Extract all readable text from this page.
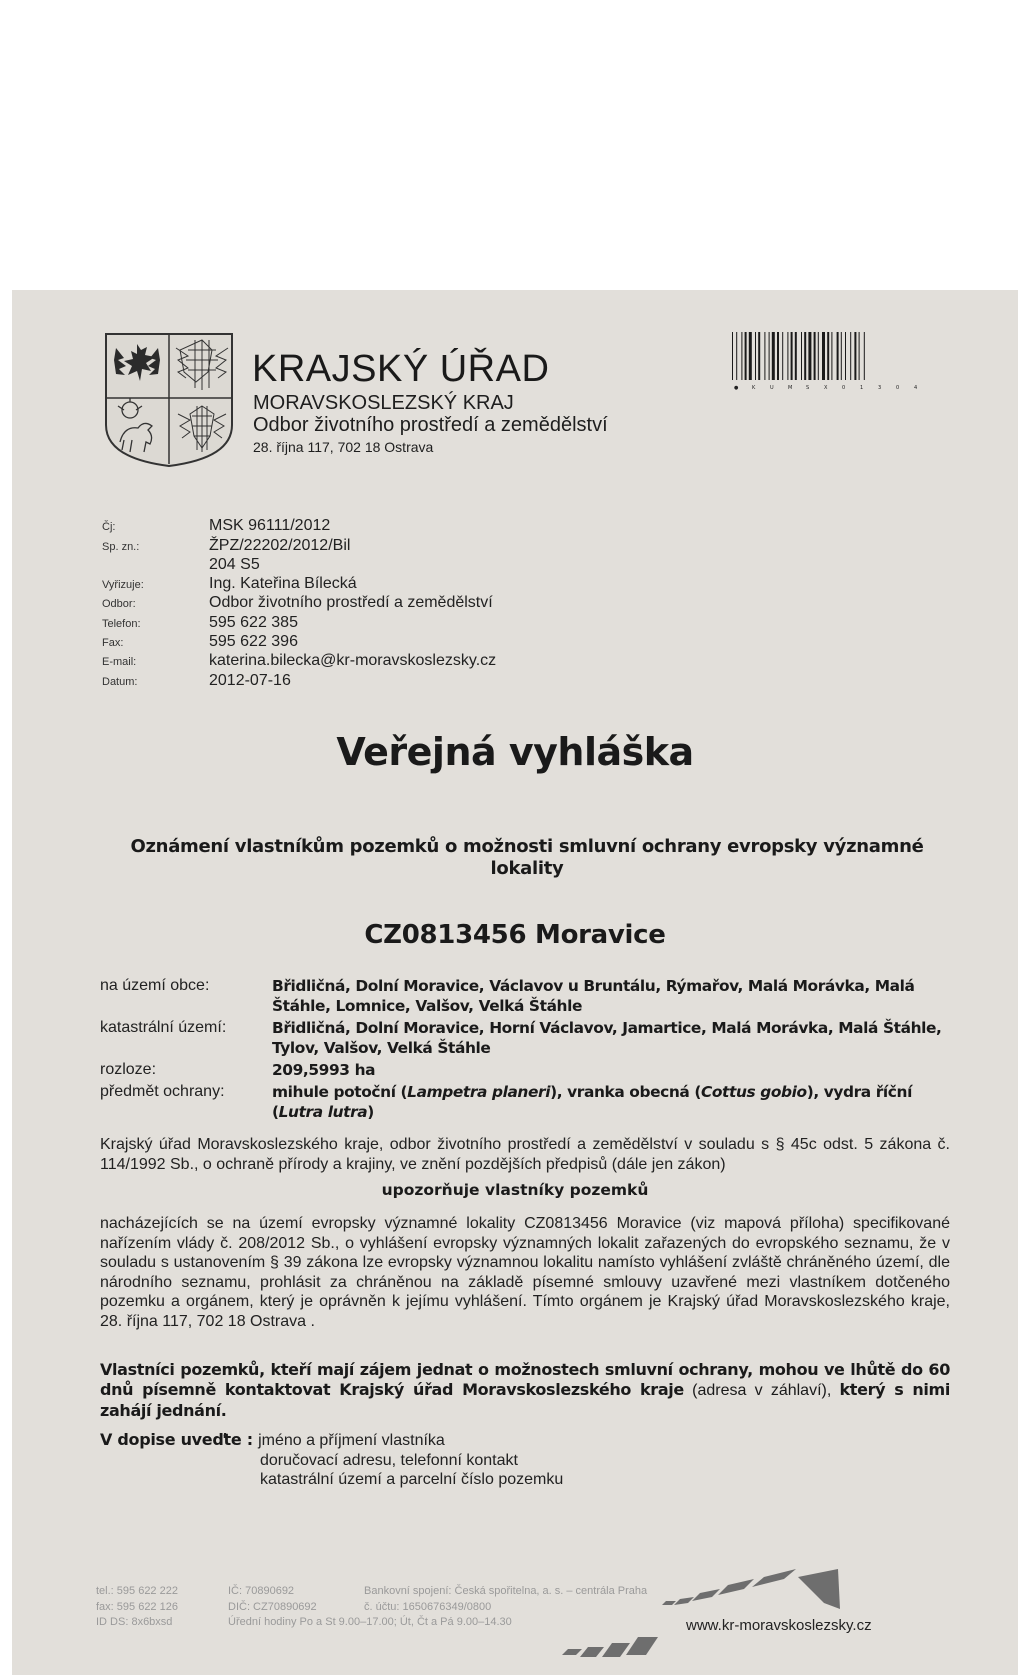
KRAJSKÝ ÚŘAD
MORAVSKOSLEZSKÝ KRAJ
Odbor životního prostředí a zemědělství
28. října 117, 702 18 Ostrava
●	K	U	M	S	X	0	1	3	0	4
Čj:	MSK 96111/2012
Sp. zn.:	ŽPZ/22202/2012/Bil
204 S5
Vyřizuje:	Ing. Kateřina Bílecká
Odbor:	Odbor životního prostředí a zemědělství
Telefon:	595 622 385
Fax:	595 622 396
E-mail:	katerina.bilecka@kr-moravskoslezsky.cz
Datum:	2012-07-16
Veřejná vyhláška
Oznámení vlastníkům pozemků o možnosti smluvní ochrany evropsky významné lokality
CZ0813456 Moravice
na území obce:	Břidličná, Dolní Moravice, Václavov u Bruntálu, Rýmařov, Malá Morávka, Malá Štáhle, Lomnice, Valšov, Velká Štáhle
katastrální území:	Břidličná, Dolní Moravice, Horní Václavov, Jamartice, Malá Morávka, Malá Štáhle, Tylov, Valšov, Velká Štáhle
rozloze:	209,5993 ha
předmět ochrany:	mihule potoční (Lampetra planeri), vranka obecná (Cottus gobio), vydra říční (Lutra lutra)
Krajský úřad Moravskoslezského kraje, odbor životního prostředí a zemědělství v souladu s § 45c odst. 5 zákona č. 114/1992 Sb., o ochraně přírody a krajiny, ve znění pozdějších předpisů (dále jen zákon)
upozorňuje vlastníky pozemků
nacházejících se na území evropsky významné lokality CZ0813456 Moravice (viz mapová příloha) specifikované nařízením vlády č. 208/2012 Sb., o vyhlášení evropsky významných lokalit zařazených do evropského seznamu, že v souladu s ustanovením § 39 zákona lze evropsky významnou lokalitu namísto vyhlášení zvláště chráněného území, dle národního seznamu, prohlásit za chráněnou na základě písemné smlouvy uzavřené mezi vlastníkem dotčeného pozemku a orgánem, který je oprávněn k jejímu vyhlášení. Tímto orgánem je Krajský úřad Moravskoslezského kraje, 28. října 117, 702 18 Ostrava .
Vlastníci pozemků, kteří mají zájem jednat o možnostech smluvní ochrany, mohou ve lhůtě do 60 dnů písemně kontaktovat Krajský úřad Moravskoslezského kraje (adresa v záhlaví), který s nimi zahájí jednání.
V dopise uveďte : jméno a příjmení vlastníka
doručovací adresu, telefonní kontakt
katastrální území a parcelní číslo pozemku
tel.: 595 622 222
fax: 595 622 126
ID DS: 8x6bxsd
IČ: 70890692
DIČ: CZ70890692
Úřední hodiny Po a St 9.00–17.00; Út, Čt a Pá 9.00–14.30
Bankovní spojení: Česká spořitelna, a. s. – centrála Praha
č. účtu: 1650676349/0800
www.kr-moravskoslezsky.cz
